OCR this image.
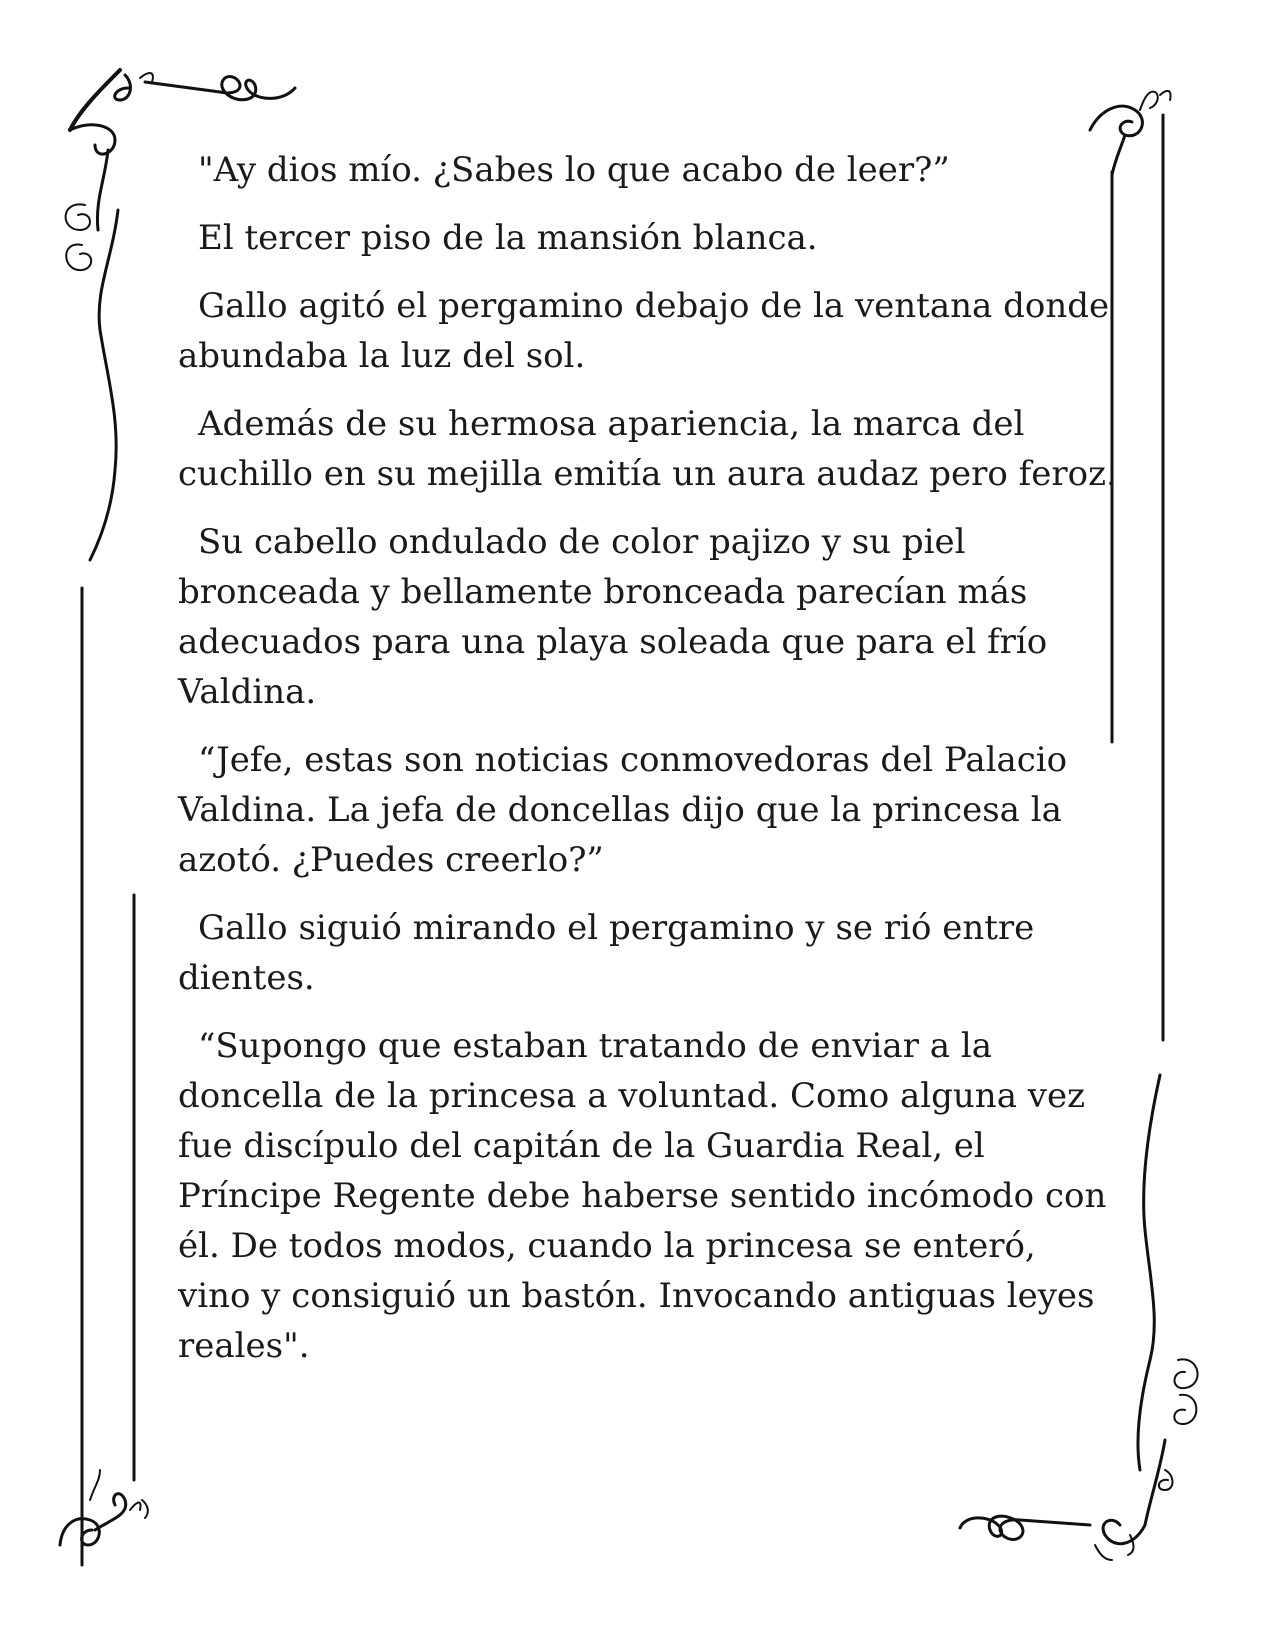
"Ay dios mío. ¿Sabes lo que acabo de leer?”

El tercer piso de la mansión blanca.

Gallo agitó el pergamino debajo de la ventana donde abundaba la luz del sol.

Además de su hermosa apariencia, la marca del cuchillo en su mejilla emitía un aura audaz pero feroz.

Su cabello ondulado de color pajizo y su piel bronceada y bellamente bronceada parecían más adecuados para una playa soleada que para el frío Valdina.

“Jefe, estas son noticias conmovedoras del Palacio Valdina. La jefa de doncellas dijo que la princesa la azotó. ¿Puedes creerlo?”

Gallo siguió mirando el pergamino y se rió entre dientes.

“Supongo que estaban tratando de enviar a la doncella de la princesa a voluntad. Como alguna vez fue discípulo del capitán de la Guardia Real, el Príncipe Regente debe haberse sentido incómodo con él. De todos modos, cuando la princesa se enteró, vino y consiguió un bastón. Invocando antiguas leyes reales".
